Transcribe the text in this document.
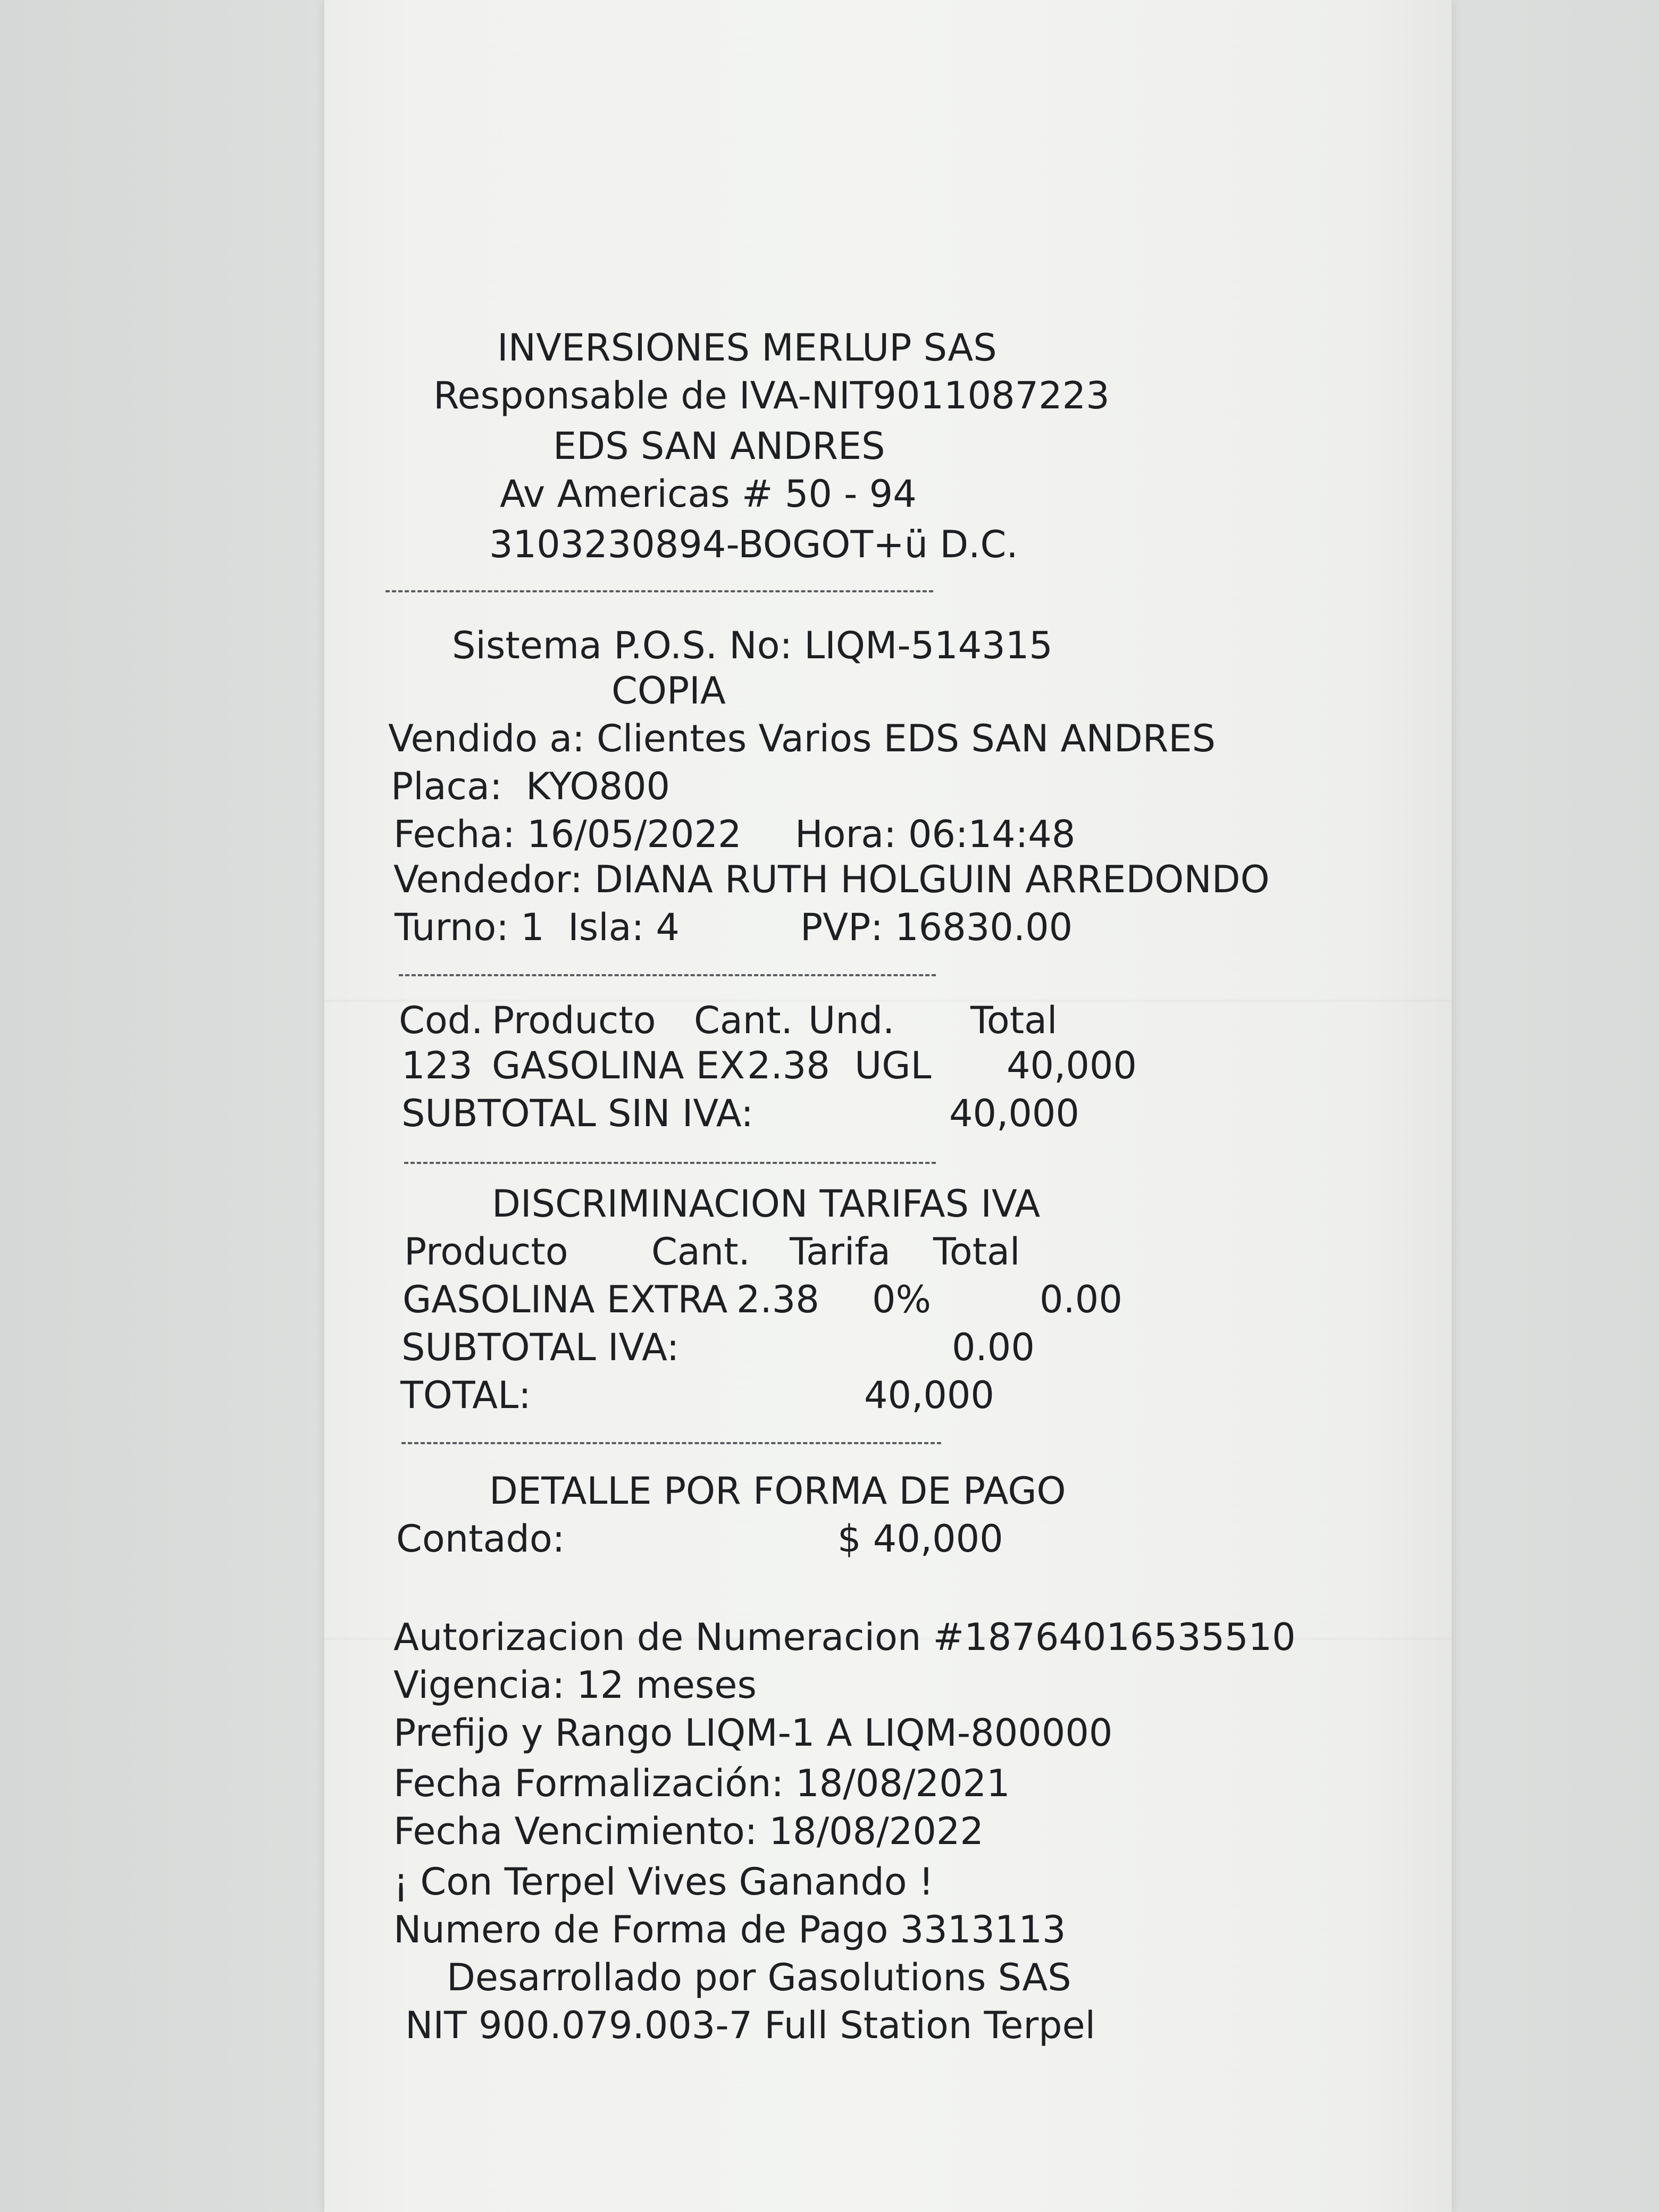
INVERSIONES MERLUP SAS
Responsable de IVA-NIT9011087223
EDS SAN ANDRES
Av Americas # 50 - 94
3103230894-BOGOT+ü D.C.
Sistema P.O.S. No: LIQM-514315
COPIA
Vendido a: Clientes Varios EDS SAN ANDRES
Placa:  KYO800
Fecha: 16/05/2022 Hora: 06:14:48
Vendedor: DIANA RUTH HOLGUIN ARREDONDO
Turno: 1  Isla: 4	PVP: 16830.00
Cod. Producto Cant. Und. Total
123 GASOLINA EX 2.38 UGL 40,000
SUBTOTAL SIN IVA:	40,000
DISCRIMINACION TARIFAS IVA
Producto Cant. Tarifa Total
GASOLINA EXTRA 2.38 0%	0.00
SUBTOTAL IVA:	0.00
TOTAL:	40,000
DETALLE POR FORMA DE PAGO
Contado:	$ 40,000
Autorizacion de Numeracion #18764016535510
Vigencia: 12 meses
Prefijo y Rango LIQM-1 A LIQM-800000
Fecha Formalización: 18/08/2021
Fecha Vencimiento: 18/08/2022
¡ Con Terpel Vives Ganando !
Numero de Forma de Pago 3313113
Desarrollado por Gasolutions SAS
NIT 900.079.003-7 Full Station Terpel
